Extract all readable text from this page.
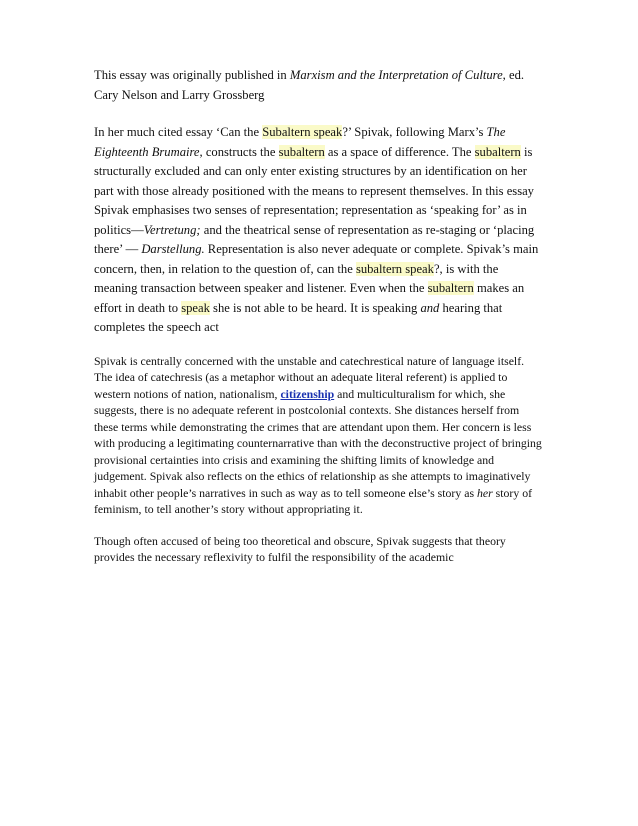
This essay was originally published in Marxism and the Interpretation of Culture, ed. Cary Nelson and Larry Grossberg

In her much cited essay ‘Can the Subaltern speak?’ Spivak, following Marx’s The Eighteenth Brumaire, constructs the subaltern as a space of difference. The subaltern is structurally excluded and can only enter existing structures by an identification on her part with those already positioned with the means to represent themselves. In this essay Spivak emphasises two senses of representation; representation as ‘speaking for’ as in politics—Vertretung; and the theatrical sense of representation as re-staging or ‘placing there’ — Darstellung. Representation is also never adequate or complete. Spivak’s main concern, then, in relation to the question of, can the subaltern speak?, is with the meaning transaction between speaker and listener. Even when the subaltern makes an effort in death to speak she is not able to be heard. It is speaking and hearing that completes the speech act

Spivak is centrally concerned with the unstable and catechrestical nature of language itself. The idea of catechresis (as a metaphor without an adequate literal referent) is applied to western notions of nation, nationalism, citizenship and multiculturalism for which, she suggests, there is no adequate referent in postcolonial contexts. She distances herself from these terms while demonstrating the crimes that are attendant upon them. Her concern is less with producing a legitimating counternarrative than with the deconstructive project of bringing provisional certainties into crisis and examining the shifting limits of knowledge and judgement. Spivak also reflects on the ethics of relationship as she attempts to imaginatively inhabit other people’s narratives in such as way as to tell someone else’s story as her story of feminism, to tell another’s story without appropriating it.

Though often accused of being too theoretical and obscure, Spivak suggests that theory provides the necessary reflexivity to fulfil the responsibility of the academic
